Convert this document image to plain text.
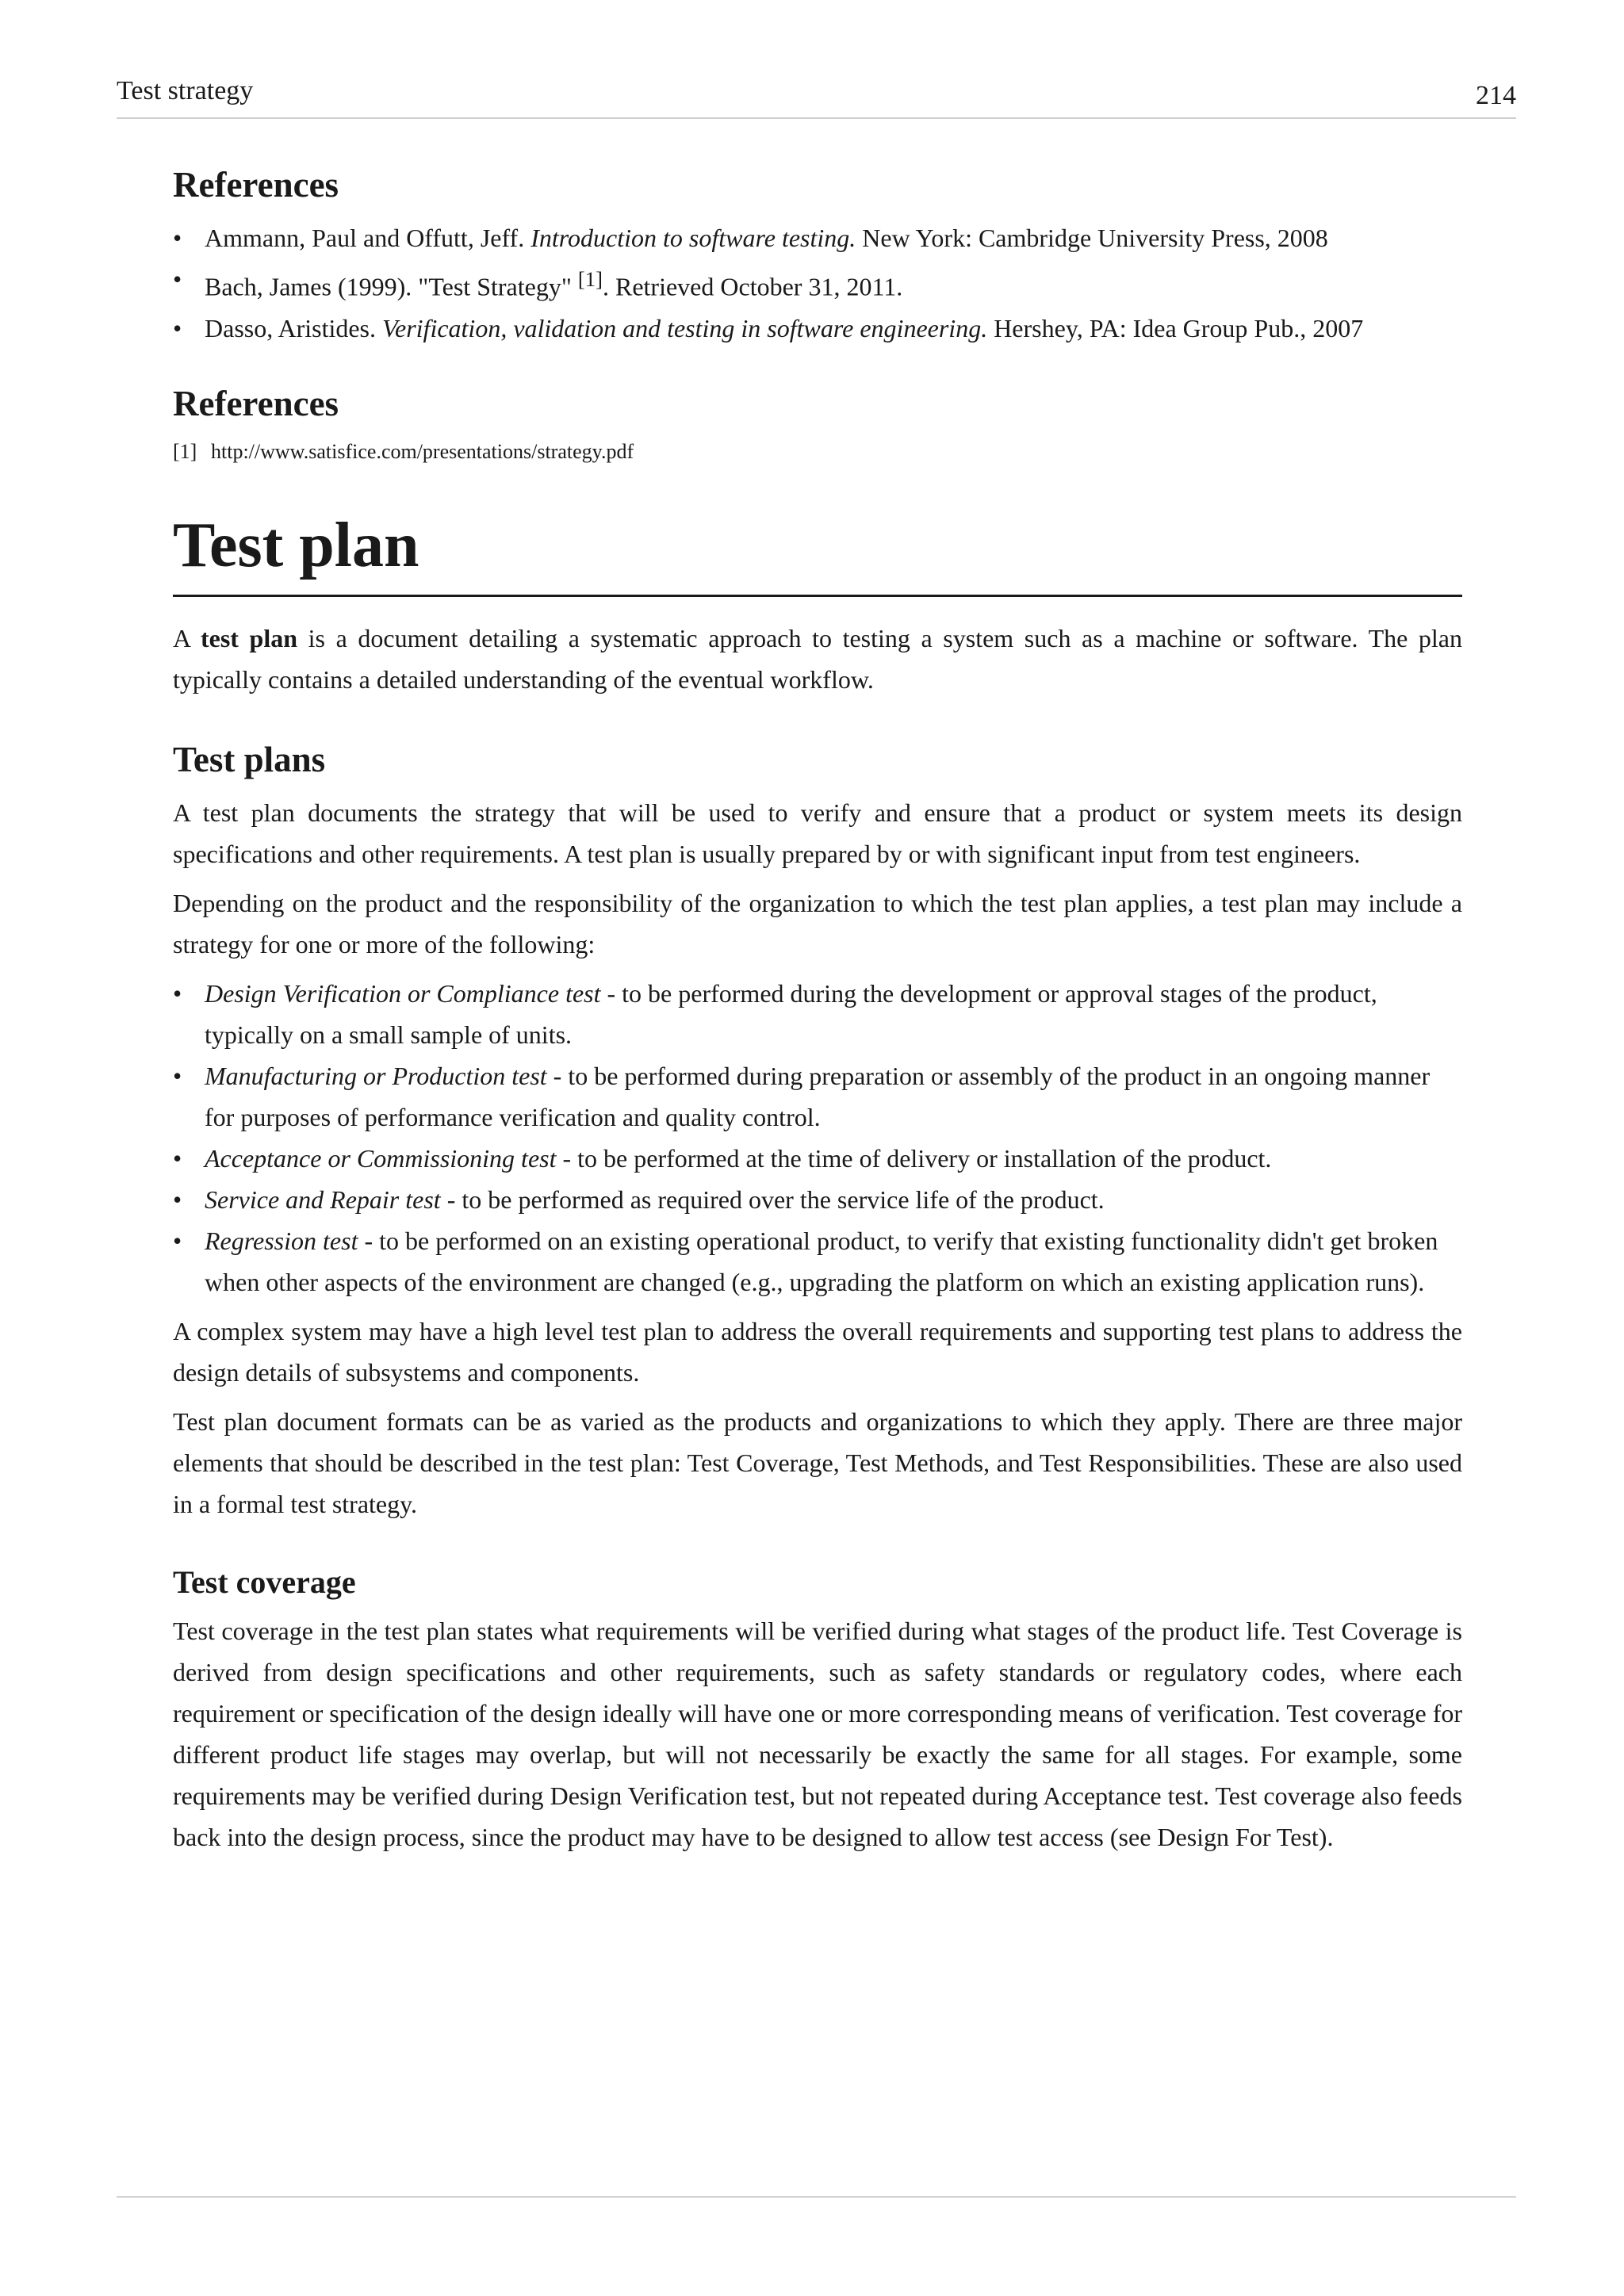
Test strategy	214
References
• Ammann, Paul and Offutt, Jeff. Introduction to software testing. New York: Cambridge University Press, 2008
• Bach, James (1999). "Test Strategy" [1]. Retrieved October 31, 2011.
• Dasso, Aristides. Verification, validation and testing in software engineering. Hershey, PA: Idea Group Pub., 2007
References
[1] http://www.satisfice.com/presentations/strategy.pdf
Test plan

A test plan is a document detailing a systematic approach to testing a system such as a machine or software. The plan typically contains a detailed understanding of the eventual workflow.

Test plans

A test plan documents the strategy that will be used to verify and ensure that a product or system meets its design specifications and other requirements. A test plan is usually prepared by or with significant input from test engineers.

Depending on the product and the responsibility of the organization to which the test plan applies, a test plan may include a strategy for one or more of the following:

• Design Verification or Compliance test - to be performed during the development or approval stages of the product, typically on a small sample of units.
• Manufacturing or Production test - to be performed during preparation or assembly of the product in an ongoing manner for purposes of performance verification and quality control.
• Acceptance or Commissioning test - to be performed at the time of delivery or installation of the product.
• Service and Repair test - to be performed as required over the service life of the product.
• Regression test - to be performed on an existing operational product, to verify that existing functionality didn't get broken when other aspects of the environment are changed (e.g., upgrading the platform on which an existing application runs).

A complex system may have a high level test plan to address the overall requirements and supporting test plans to address the design details of subsystems and components.

Test plan document formats can be as varied as the products and organizations to which they apply. There are three major elements that should be described in the test plan: Test Coverage, Test Methods, and Test Responsibilities. These are also used in a formal test strategy.

Test coverage

Test coverage in the test plan states what requirements will be verified during what stages of the product life. Test Coverage is derived from design specifications and other requirements, such as safety standards or regulatory codes, where each requirement or specification of the design ideally will have one or more corresponding means of verification. Test coverage for different product life stages may overlap, but will not necessarily be exactly the same for all stages. For example, some requirements may be verified during Design Verification test, but not repeated during Acceptance test. Test coverage also feeds back into the design process, since the product may have to be designed to allow test access (see Design For Test).
